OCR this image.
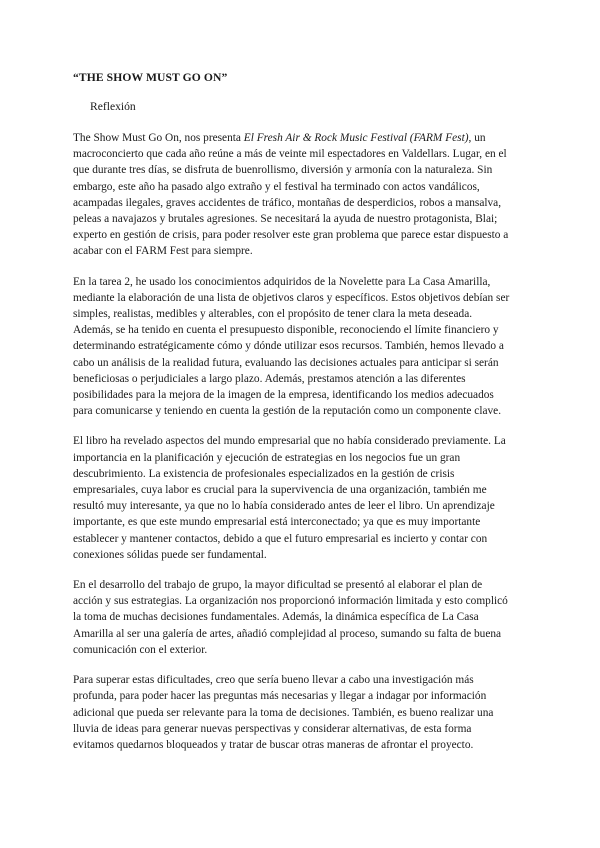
“THE SHOW MUST GO ON”
Reflexión

The Show Must Go On, nos presenta El Fresh Air & Rock Music Festival (FARM Fest), un macroconcierto que cada año reúne a más de veinte mil espectadores en Valdellars. Lugar, en el que durante tres días, se disfruta de buenrollismo, diversión y armonía con la naturaleza. Sin embargo, este año ha pasado algo extraño y el festival ha terminado con actos vandálicos, acampadas ilegales, graves accidentes de tráfico, montañas de desperdicios, robos a mansalva, peleas a navajazos y brutales agresiones. Se necesitará la ayuda de nuestro protagonista, Blai; experto en gestión de crisis, para poder resolver este gran problema que parece estar dispuesto a acabar con el FARM Fest para siempre.

En la tarea 2, he usado los conocimientos adquiridos de la Novelette para La Casa Amarilla, mediante la elaboración de una lista de objetivos claros y específicos. Estos objetivos debían ser simples, realistas, medibles y alterables, con el propósito de tener clara la meta deseada. Además, se ha tenido en cuenta el presupuesto disponible, reconociendo el límite financiero y determinando estratégicamente cómo y dónde utilizar esos recursos. También, hemos llevado a cabo un análisis de la realidad futura, evaluando las decisiones actuales para anticipar si serán beneficiosas o perjudiciales a largo plazo. Además, prestamos atención a las diferentes posibilidades para la mejora de la imagen de la empresa, identificando los medios adecuados para comunicarse y teniendo en cuenta la gestión de la reputación como un componente clave.

El libro ha revelado aspectos del mundo empresarial que no había considerado previamente. La importancia en la planificación y ejecución de estrategias en los negocios fue un gran descubrimiento. La existencia de profesionales especializados en la gestión de crisis empresariales, cuya labor es crucial para la supervivencia de una organización, también me resultó muy interesante, ya que no lo había considerado antes de leer el libro. Un aprendizaje importante, es que este mundo empresarial está interconectado; ya que es muy importante establecer y mantener contactos, debido a que el futuro empresarial es incierto y contar con conexiones sólidas puede ser fundamental.

En el desarrollo del trabajo de grupo, la mayor dificultad se presentó al elaborar el plan de acción y sus estrategias. La organización nos proporcionó información limitada y esto complicó la toma de muchas decisiones fundamentales. Además, la dinámica específica de La Casa Amarilla al ser una galería de artes, añadió complejidad al proceso, sumando su falta de buena comunicación con el exterior.

Para superar estas dificultades, creo que sería bueno llevar a cabo una investigación más profunda, para poder hacer las preguntas más necesarias y llegar a indagar por información adicional que pueda ser relevante para la toma de decisiones. También, es bueno realizar una lluvia de ideas para generar nuevas perspectivas y considerar alternativas, de esta forma evitamos quedarnos bloqueados y tratar de buscar otras maneras de afrontar el proyecto.
